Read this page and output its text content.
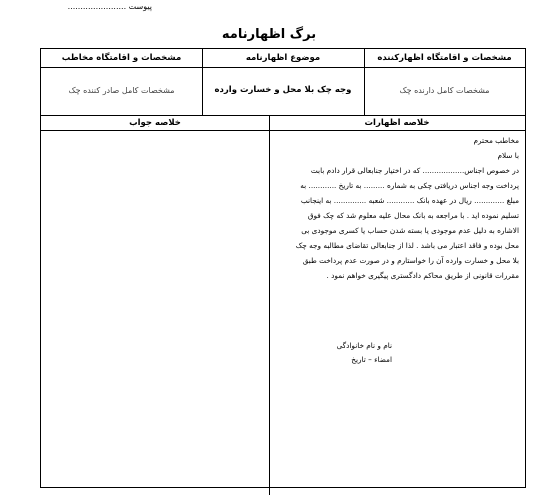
پیوست .......................
برگ اظهارنامه
مشخصات و اقامتگاه اظهارکننده
موضوع اظهارنامه
مشخصات و اقامتگاه مخاطب
مشخصات کامل دارنده چک
وجه چک بلا محل و خسارت وارده
مشخصات کامل صادر کننده چک
خلاصه اظهارات
خلاصه جواب
مخاطب محترم
با سلام
در خصوص اجناس.................. که در اختیار جنابعالی قرار دادم بابت
پرداخت وجه اجناس دریافتی چکی به شماره ......... به تاریخ ............ به
مبلغ ............. ریال در عهده بانک ............ شعبه .............. به اینجانب
تسلیم نموده اید . با مراجعه به بانک محال علیه معلوم شد که چک فوق
الاشاره به دلیل عدم موجودی یا بسته شدن حساب یا کسری موجودی بی
محل بوده و فاقد اعتبار می باشد . لذا از جنابعالی تقاضای مطالبه وجه چک
بلا محل و خسارت وارده آن را خواستارم و در صورت عدم پرداخت طبق
مقررات قانونی از طریق محاکم دادگستری پیگیری خواهم نمود .
نام و نام خانوادگی
امضاء – تاریخ
